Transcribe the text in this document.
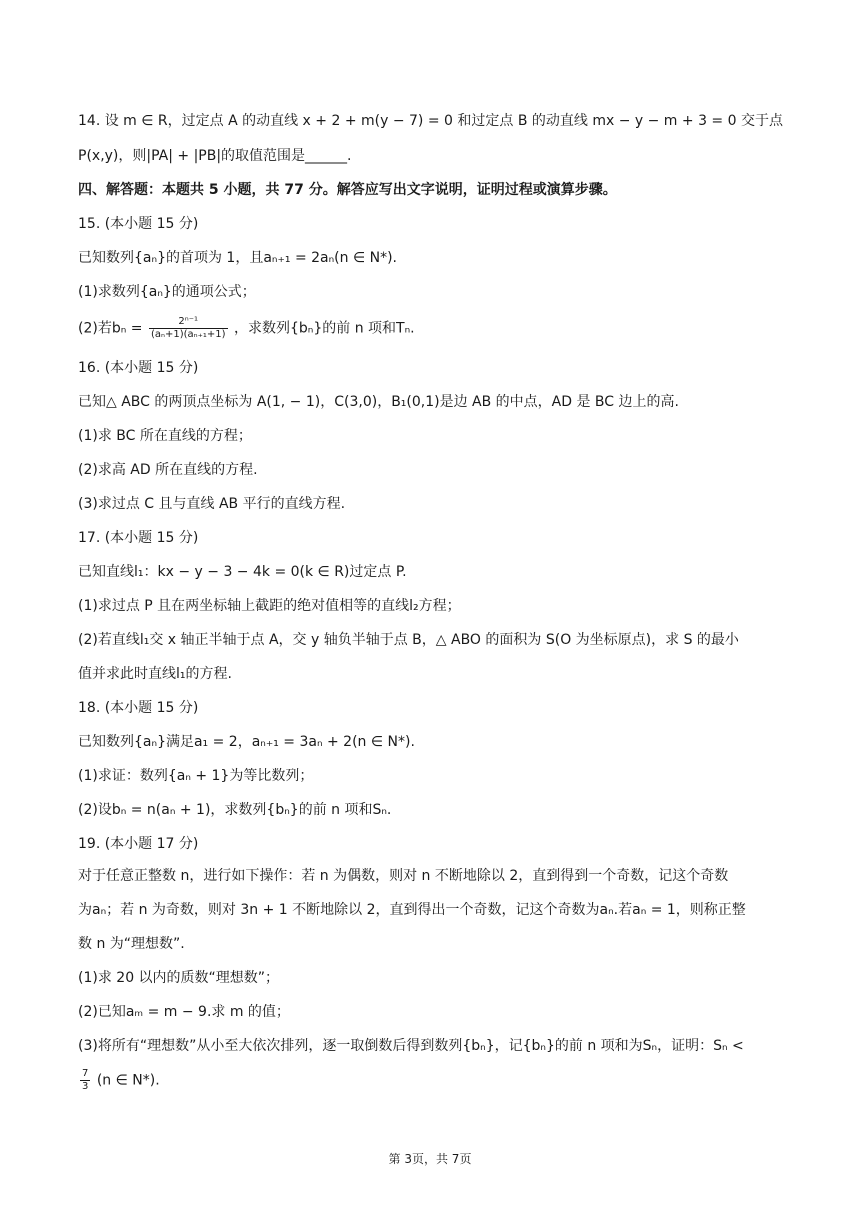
14. 设 m ∈ R，过定点 A 的动直线 x + 2 + m(y − 7) = 0 和过定点 B 的动直线 mx − y − m + 3 = 0 交于点
P(x,y)，则|PA| + |PB|的取值范围是______.
四、解答题：本题共 5 小题，共 77 分。解答应写出文字说明，证明过程或演算步骤。
15. (本小题 15 分)
已知数列{aₙ}的首项为 1，且aₙ₊₁ = 2aₙ(n ∈ N*).
(1)求数列{aₙ}的通项公式；
(2)若$b_n = \frac{\text{2ⁿ⁻¹}}{\text{(aₙ+1)(aₙ₊₁+1)}}$ ，求数列{bₙ}的前 n 项和Tₙ.
16. (本小题 15 分)
已知△ ABC 的两顶点坐标为 A(1, − 1)，C(3,0)，B₁(0,1)是边 AB 的中点，AD 是 BC 边上的高.
(1)求 BC 所在直线的方程；
(2)求高 AD 所在直线的方程.
(3)求过点 C 且与直线 AB 平行的直线方程.
17. (本小题 15 分)
已知直线l₁：kx − y − 3 − 4k = 0(k ∈ R)过定点 P.
(1)求过点 P 且在两坐标轴上截距的绝对值相等的直线l₂方程；
(2)若直线l₁交 x 轴正半轴于点 A，交 y 轴负半轴于点 B，△ ABO 的面积为 S(O 为坐标原点)，求 S 的最小
值并求此时直线l₁的方程.
18. (本小题 15 分)
已知数列{aₙ}满足a₁ = 2，aₙ₊₁ = 3aₙ + 2(n ∈ N*).
(1)求证：数列{aₙ + 1}为等比数列；
(2)设bₙ = n(aₙ + 1)，求数列{bₙ}的前 n 项和Sₙ.
19. (本小题 17 分)
对于任意正整数 n，进行如下操作：若 n 为偶数，则对 n 不断地除以 2，直到得到一个奇数，记这个奇数
为aₙ；若 n 为奇数，则对 3n + 1 不断地除以 2，直到得出一个奇数，记这个奇数为aₙ.若aₙ = 1，则称正整
数 n 为“理想数”.
(1)求 20 以内的质数“理想数”；
(2)已知aₘ = m − 9.求 m 的值；
(3)将所有“理想数”从小至大依次排列，逐一取倒数后得到数列{bₙ}，记{bₙ}的前 n 项和为Sₙ，证明：Sₙ <
$\frac{7}{3} (n$ ∈ N*).
第 3页，共 7页
